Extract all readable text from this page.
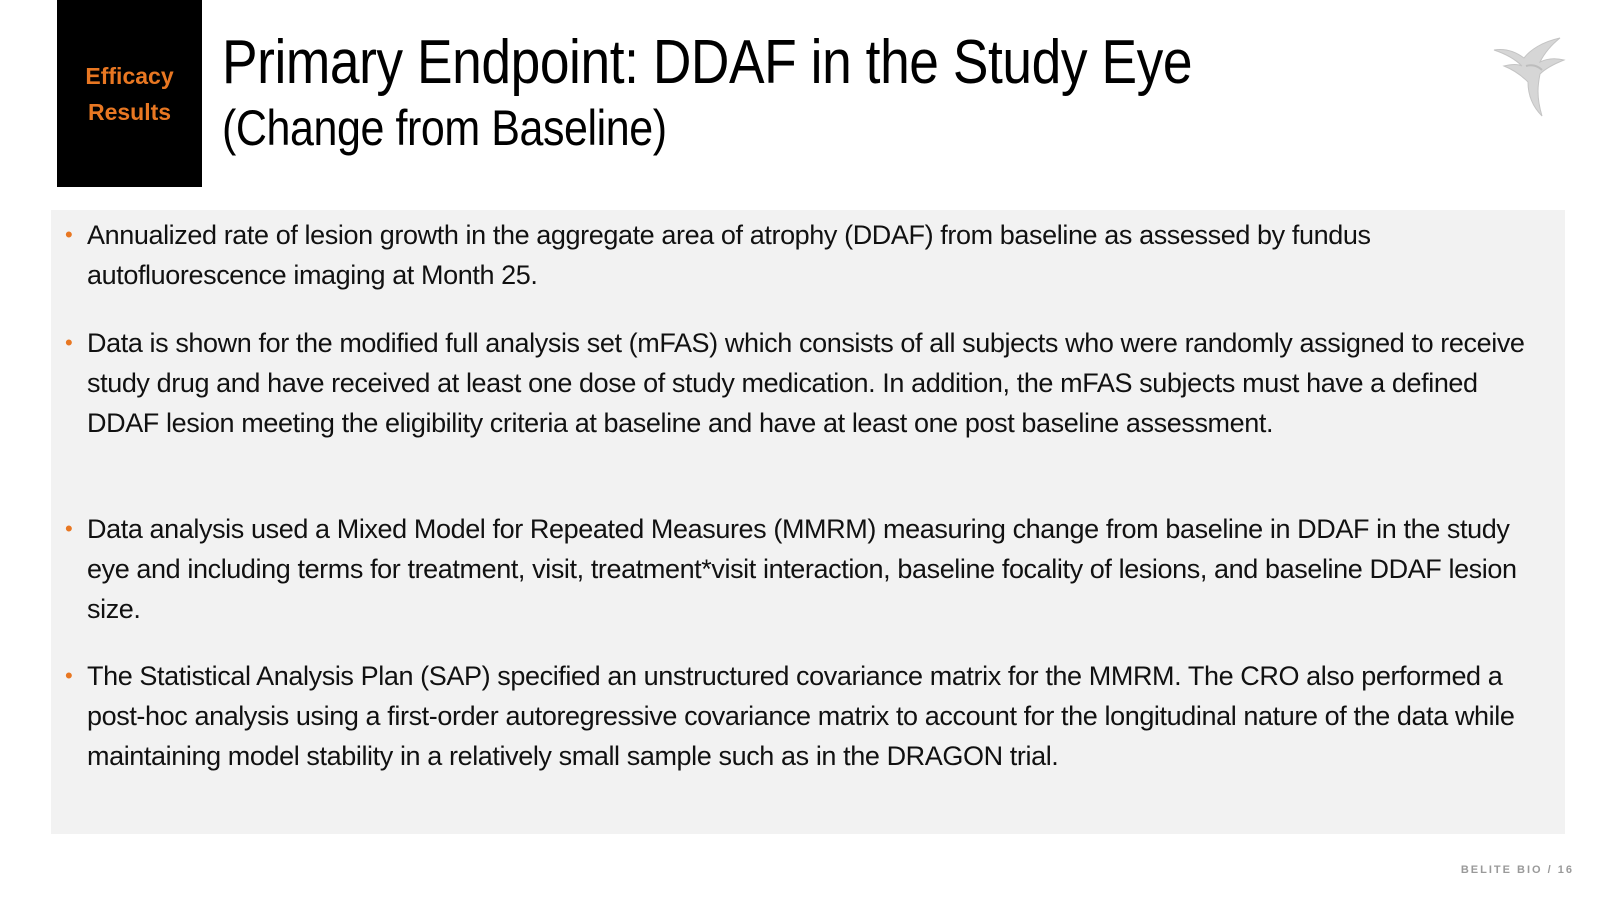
Efficacy
Results
Primary Endpoint: DDAF in the Study Eye
(Change from Baseline)
• Annualized rate of lesion growth in the aggregate area of atrophy (DDAF) from baseline as assessed by fundus autofluorescence imaging at Month 25.
• Data is shown for the modified full analysis set (mFAS) which consists of all subjects who were randomly assigned to receive study drug and have received at least one dose of study medication. In addition, the mFAS subjects must have a defined DDAF lesion meeting the eligibility criteria at baseline and have at least one post baseline assessment.
• Data analysis used a Mixed Model for Repeated Measures (MMRM) measuring change from baseline in DDAF in the study eye and including terms for treatment, visit, treatment*visit interaction, baseline focality of lesions, and baseline DDAF lesion size.
• The Statistical Analysis Plan (SAP) specified an unstructured covariance matrix for the MMRM. The CRO also performed a post-hoc analysis using a first-order autoregressive covariance matrix to account for the longitudinal nature of the data while maintaining model stability in a relatively small sample such as in the DRAGON trial.
BELITE BIO / 16
